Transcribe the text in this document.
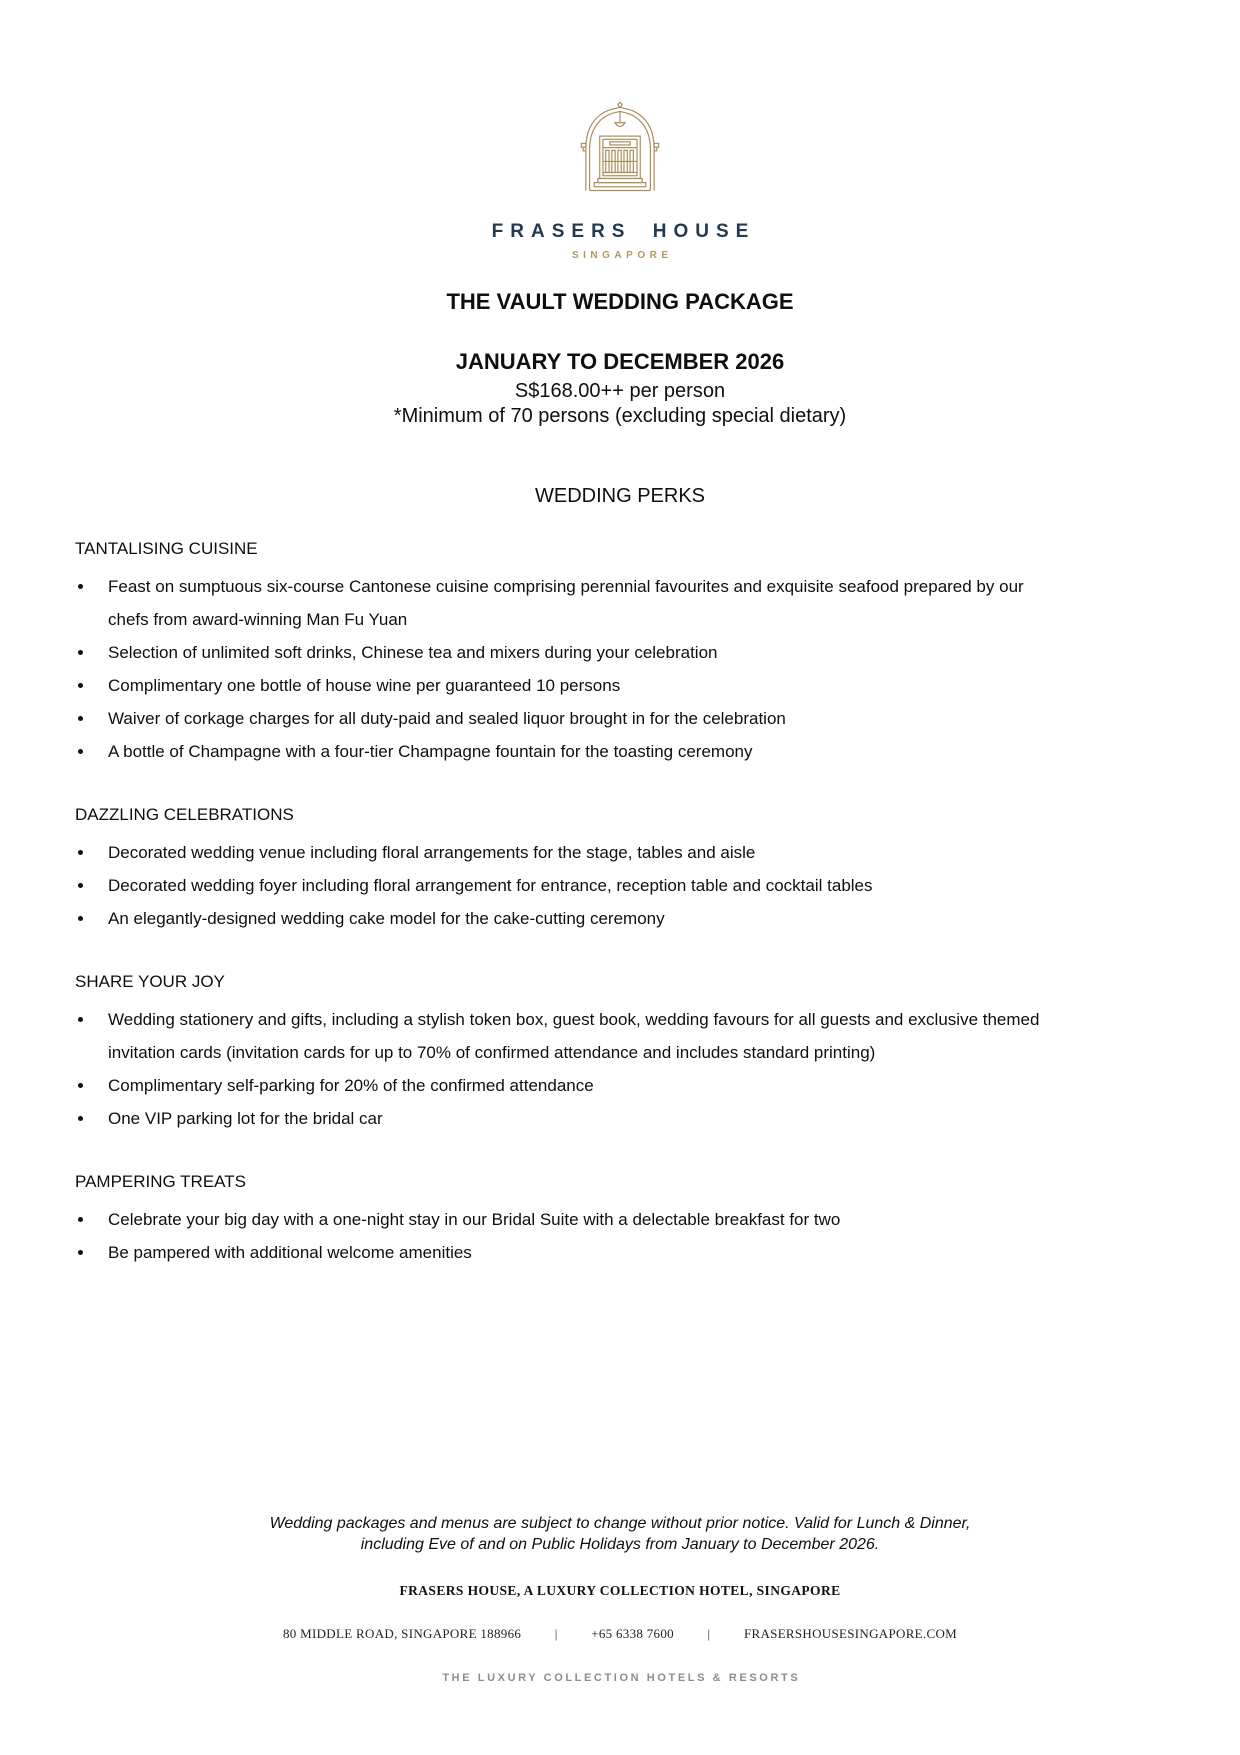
FRASERS HOUSE
SINGAPORE
THE VAULT WEDDING PACKAGE
JANUARY TO DECEMBER 2026
S$168.00++ per person
*Minimum of 70 persons (excluding special dietary)
WEDDING PERKS
TANTALISING CUISINE
Feast on sumptuous six-course Cantonese cuisine comprising perennial favourites and exquisite seafood prepared by our
chefs from award-winning Man Fu Yuan
Selection of unlimited soft drinks, Chinese tea and mixers during your celebration
Complimentary one bottle of house wine per guaranteed 10 persons
Waiver of corkage charges for all duty-paid and sealed liquor brought in for the celebration
A bottle of Champagne with a four-tier Champagne fountain for the toasting ceremony
DAZZLING CELEBRATIONS
Decorated wedding venue including floral arrangements for the stage, tables and aisle
Decorated wedding foyer including floral arrangement for entrance, reception table and cocktail tables
An elegantly-designed wedding cake model for the cake-cutting ceremony
SHARE YOUR JOY
Wedding stationery and gifts, including a stylish token box, guest book, wedding favours for all guests and exclusive themed
invitation cards (invitation cards for up to 70% of confirmed attendance and includes standard printing)
Complimentary self-parking for 20% of the confirmed attendance
One VIP parking lot for the bridal car
PAMPERING TREATS
Celebrate your big day with a one-night stay in our Bridal Suite with a delectable breakfast for two
Be pampered with additional welcome amenities
Wedding packages and menus are subject to change without prior notice. Valid for Lunch & Dinner,
including Eve of and on Public Holidays from January to December 2026.
FRASERS HOUSE, A LUXURY COLLECTION HOTEL, SINGAPORE
80 MIDDLE ROAD, SINGAPORE 188966	|	+65 6338 7600	|	FRASERSHOUSESINGAPORE.COM
THE LUXURY COLLECTION HOTELS & RESORTS
